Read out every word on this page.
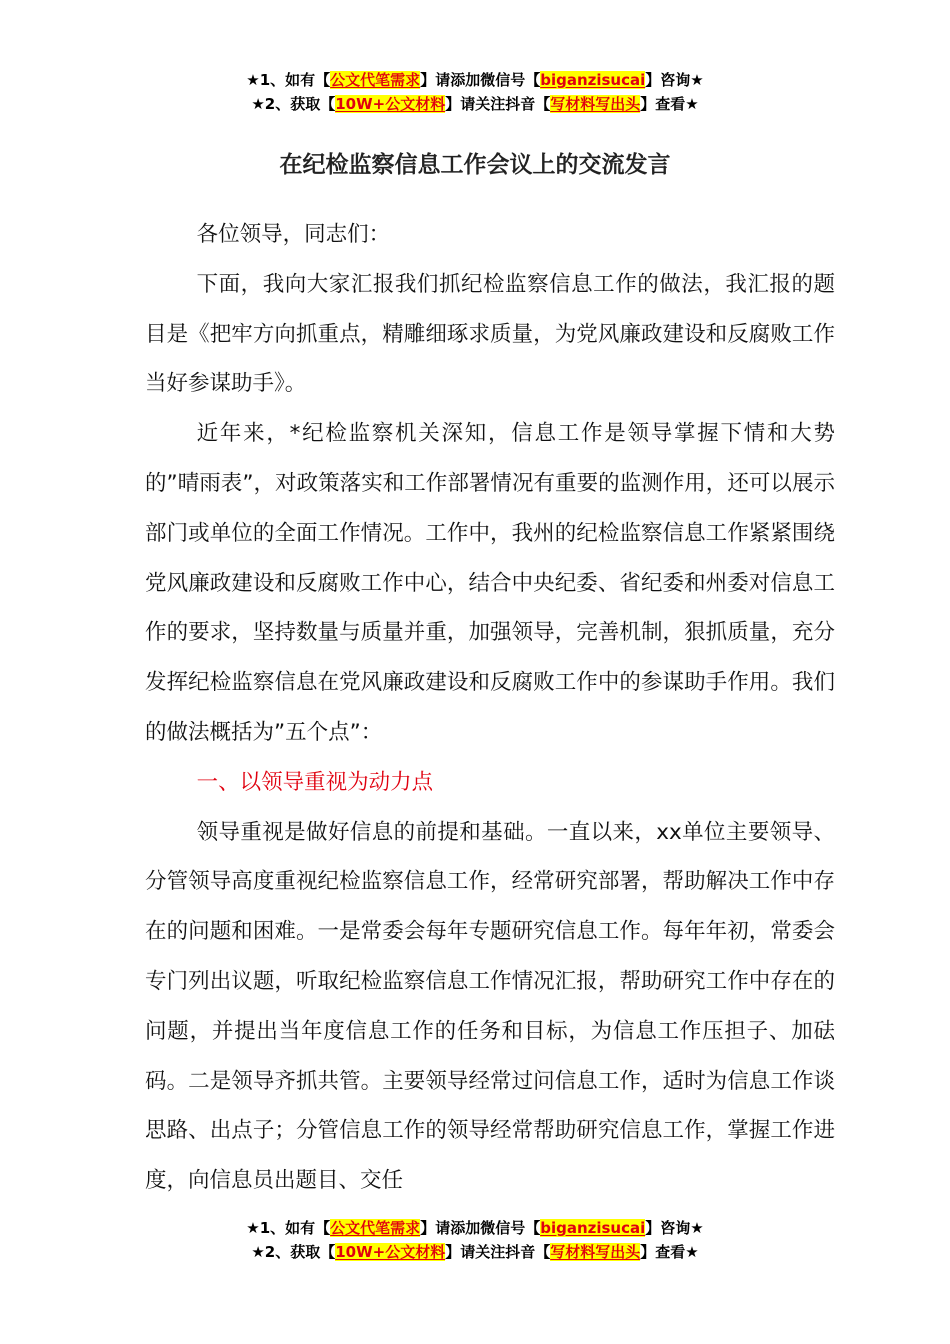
★1、如有【公文代笔需求】请添加微信号【biganzisucai】咨询★
★2、获取【10W+公文材料】请关注抖音【写材料写出头】查看★
在纪检监察信息工作会议上的交流发言

各位领导，同志们：

下面，我向大家汇报我们抓纪检监察信息工作的做法，我汇报的题目是《把牢方向抓重点，精雕细琢求质量，为党风廉政建设和反腐败工作当好参谋助手》。

近年来，*纪检监察机关深知，信息工作是领导掌握下情和大势的”晴雨表”，对政策落实和工作部署情况有重要的监测作用，还可以展示部门或单位的全面工作情况。工作中，我州的纪检监察信息工作紧紧围绕党风廉政建设和反腐败工作中心，结合中央纪委、省纪委和州委对信息工作的要求，坚持数量与质量并重，加强领导，完善机制，狠抓质量，充分发挥纪检监察信息在党风廉政建设和反腐败工作中的参谋助手作用。我们的做法概括为”五个点”：

一、以领导重视为动力点

领导重视是做好信息的前提和基础。一直以来，xx单位主要领导、分管领导高度重视纪检监察信息工作，经常研究部署，帮助解决工作中存在的问题和困难。一是常委会每年专题研究信息工作。每年年初，常委会专门列出议题，听取纪检监察信息工作情况汇报，帮助研究工作中存在的问题，并提出当年度信息工作的任务和目标，为信息工作压担子、加砝码。二是领导齐抓共管。主要领导经常过问信息工作，适时为信息工作谈思路、出点子；分管信息工作的领导经常帮助研究信息工作，掌握工作进度，向信息员出题目、交任

★1、如有【公文代笔需求】请添加微信号【biganzisucai】咨询★
★2、获取【10W+公文材料】请关注抖音【写材料写出头】查看★
